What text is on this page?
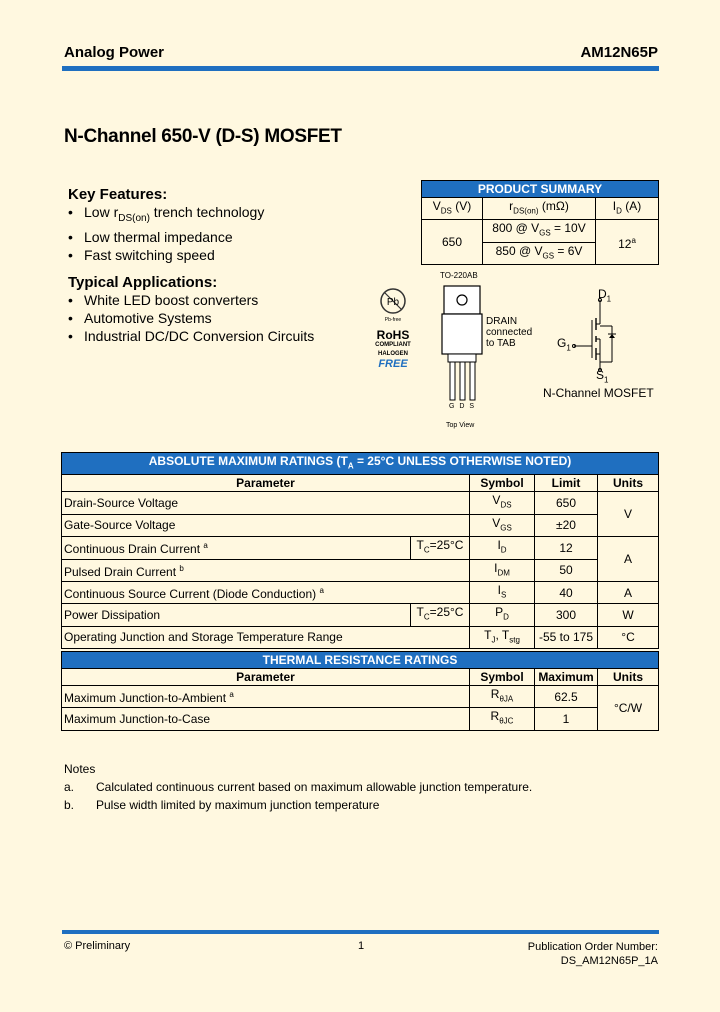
Analog Power	AM12N65P
N-Channel 650-V (D-S) MOSFET
Key Features:
• Low $r_{DS(on)}$ trench technology
• Low thermal impedance
• Fast switching speed
Typical Applications:
• White LED boost converters
• Automotive Systems
• Industrial DC/DC Conversion Circuits
PRODUCT SUMMARY		
$V_{DS}$ (V)	$r_{DS(on)}$ (mΩ)	$I_D$ (A)
650	800 @ $V_{GS} = 10V$	12$^a$
	850 @ $V_{GS} = 6V$	
Pb
Pb-free
RoHS
COMPLIANT
HALOGEN
FREE
TO-220AB
DRAIN
connected
to TAB
G D S
Top View
$D_1$
$G_1$
$S_1$
N-Channel MOSFET
ABSOLUTE MAXIMUM RATINGS ($T_A = 25^\circ C$ UNLESS OTHERWISE NOTED)				
Parameter		Symbol	Limit	Units
Drain-Source Voltage		$V_{DS}$	650	V
Gate-Source Voltage		$V_{GS}$	±20	
Continuous Drain Current $^a$	$T_C=25^\circ C$	$I_D$	12	A
Pulsed Drain Current $^b$		$I_{DM}$	50	
Continuous Source Current (Diode Conduction) $^a$		$I_S$	40	A
Power Dissipation	$T_C=25^\circ C$	$P_D$	300	W
Operating Junction and Storage Temperature Range		$T_J$, $T_{stg}$	-55 to 175	°C
THERMAL RESISTANCE RATINGS			
Parameter	Symbol	Maximum	Units
Maximum Junction-to-Ambient $^a$	$R_{\theta JA}$	62.5	°C/W
Maximum Junction-to-Case	$R_{\theta JC}$	1	
Notes
a. Calculated continuous current based on maximum allowable junction temperature.
b. Pulse width limited by maximum junction temperature
© Preliminary	1	Publication Order Number:
DS_AM12N65P_1A
